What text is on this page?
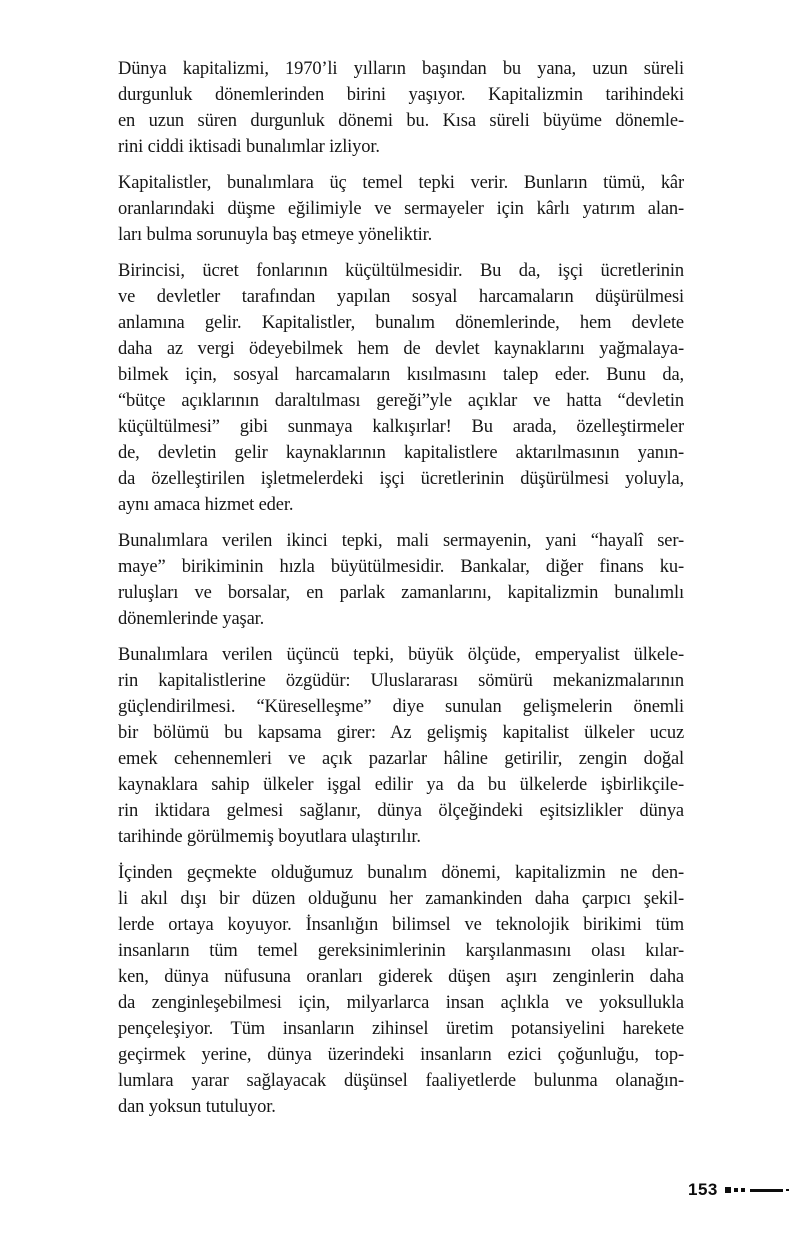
Dünya kapitalizmi, 1970’li yılların başından bu yana, uzun süreli
durgunluk dönemlerinden birini yaşıyor. Kapitalizmin tarihindeki
en uzun süren durgunluk dönemi bu. Kısa süreli büyüme dönemle-
rini ciddi iktisadi bunalımlar izliyor.

Kapitalistler, bunalımlara üç temel tepki verir. Bunların tümü, kâr
oranlarındaki düşme eğilimiyle ve sermayeler için kârlı yatırım alan-
ları bulma sorunuyla baş etmeye yöneliktir.

Birincisi, ücret fonlarının küçültülmesidir. Bu da, işçi ücretlerinin
ve devletler tarafından yapılan sosyal harcamaların düşürülmesi
anlamına gelir. Kapitalistler, bunalım dönemlerinde, hem devlete
daha az vergi ödeyebilmek hem de devlet kaynaklarını yağmalaya-
bilmek için, sosyal harcamaların kısılmasını talep eder. Bunu da,
“bütçe açıklarının daraltılması gereği”yle açıklar ve hatta “devletin
küçültülmesi” gibi sunmaya kalkışırlar! Bu arada, özelleştirmeler
de, devletin gelir kaynaklarının kapitalistlere aktarılmasının yanın-
da özelleştirilen işletmelerdeki işçi ücretlerinin düşürülmesi yoluyla,
aynı amaca hizmet eder.

Bunalımlara verilen ikinci tepki, mali sermayenin, yani “hayalî ser-
maye” birikiminin hızla büyütülmesidir. Bankalar, diğer finans ku-
ruluşları ve borsalar, en parlak zamanlarını, kapitalizmin bunalımlı
dönemlerinde yaşar.

Bunalımlara verilen üçüncü tepki, büyük ölçüde, emperyalist ülkele-
rin kapitalistlerine özgüdür: Uluslararası sömürü mekanizmalarının
güçlendirilmesi. “Küreselleşme” diye sunulan gelişmelerin önemli
bir bölümü bu kapsama girer: Az gelişmiş kapitalist ülkeler ucuz
emek cehennemleri ve açık pazarlar hâline getirilir, zengin doğal
kaynaklara sahip ülkeler işgal edilir ya da bu ülkelerde işbirlikçile-
rin iktidara gelmesi sağlanır, dünya ölçeğindeki eşitsizlikler dünya
tarihinde görülmemiş boyutlara ulaştırılır.

İçinden geçmekte olduğumuz bunalım dönemi, kapitalizmin ne den-
li akıl dışı bir düzen olduğunu her zamankinden daha çarpıcı şekil-
lerde ortaya koyuyor. İnsanlığın bilimsel ve teknolojik birikimi tüm
insanların tüm temel gereksinimlerinin karşılanmasını olası kılar-
ken, dünya nüfusuna oranları giderek düşen aşırı zenginlerin daha
da zenginleşebilmesi için, milyarlarca insan açlıkla ve yoksullukla
pençeleşiyor. Tüm insanların zihinsel üretim potansiyelini harekete
geçirmek yerine, dünya üzerindeki insanların ezici çoğunluğu, top-
lumlara yarar sağlayacak düşünsel faaliyetlerde bulunma olanağın-
dan yoksun tutuluyor.

153
